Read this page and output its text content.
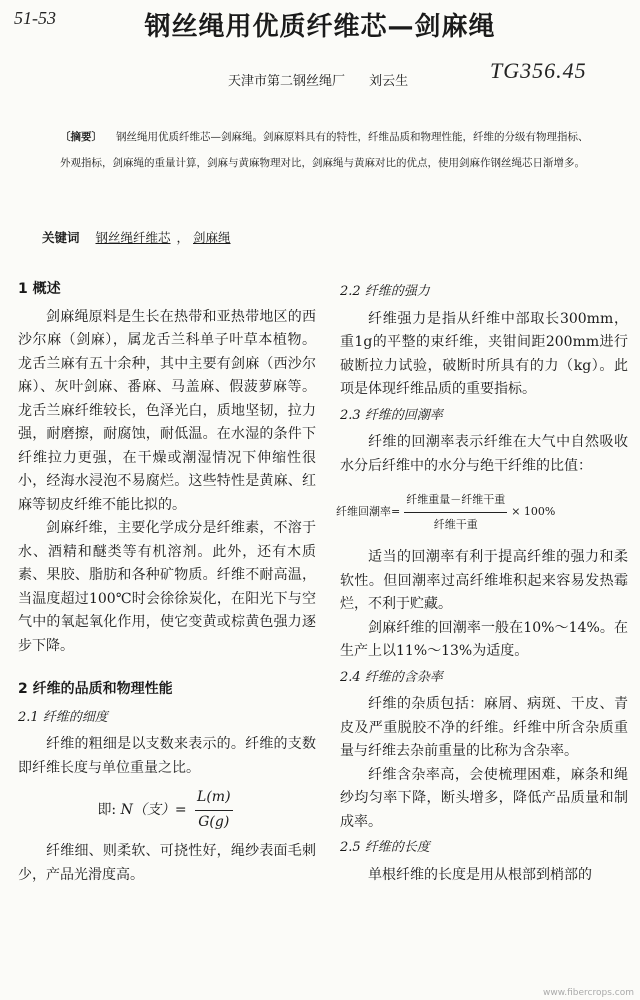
51-53
TG356.45
钢丝绳用优质纤维芯—剑麻绳
天津市第二钢丝绳厂 刘云生
〔摘要〕 钢丝绳用优质纤维芯—剑麻绳。剑麻原料具有的特性，纤维品质和物理性能，纤维的分级有物理指标、外观指标，剑麻绳的重量计算，剑麻与黄麻物理对比，剑麻绳与黄麻对比的优点，使用剑麻作钢丝绳芯日渐增多。
关键词 钢丝绳纤维芯 ， 剑麻绳
1 概述

剑麻绳原料是生长在热带和亚热带地区的西沙尔麻（剑麻），属龙舌兰科单子叶草本植物。龙舌兰麻有五十余种，其中主要有剑麻（西沙尔麻）、灰叶剑麻、番麻、马盖麻、假菠萝麻等。龙舌兰麻纤维较长，色泽光白，质地坚韧，拉力强，耐磨擦，耐腐蚀，耐低温。在水湿的条件下纤维拉力更强，在干燥或潮湿情况下伸缩性很小，经海水浸泡不易腐烂。这些特性是黄麻、红麻等韧皮纤维不能比拟的。

剑麻纤维，主要化学成分是纤维素，不溶于水、酒精和醚类等有机溶剂。此外，还有木质素、果胶、脂肪和各种矿物质。纤维不耐高温，当温度超过100℃时会徐徐炭化，在阳光下与空气中的氧起氧化作用，使它变黄或棕黄色强力逐步下降。

2 纤维的品质和物理性能
2.1 纤维的细度

纤维的粗细是以支数来表示的。纤维的支数即纤维长度与单位重量之比。

即: N（支）= $\frac{L(m)}{G(g)}$

纤维细、则柔软、可挠性好，绳纱表面毛刺少，产品光滑度高。

2.2 纤维的强力

纤维强力是指从纤维中部取长300mm，重1g的平整的束纤维，夹钳间距200mm进行破断拉力试验，破断时所具有的力（kg）。此项是体现纤维品质的重要指标。

2.3 纤维的回潮率

纤维的回潮率表示纤维在大气中自然吸收水分后纤维中的水分与绝干纤维的比值：

纤维回潮率= $\frac{\text{纤维重量－纤维干重}}{\text{纤维干重}} \times 100\%$

适当的回潮率有利于提高纤维的强力和柔软性。但回潮率过高纤维堆积起来容易发热霉烂，不利于贮藏。

剑麻纤维的回潮率一般在10%～14%。在生产上以11%～13%为适度。

2.4 纤维的含杂率

纤维的杂质包括：麻屑、病斑、干皮、青皮及严重脱胶不净的纤维。纤维中所含杂质重量与纤维去杂前重量的比称为含杂率。

纤维含杂率高，会使梳理困难，麻条和绳纱均匀率下降，断头增多，降低产品质量和制成率。

2.5 纤维的长度

单根纤维的长度是用从根部到梢部的

www.fibercrops.com
